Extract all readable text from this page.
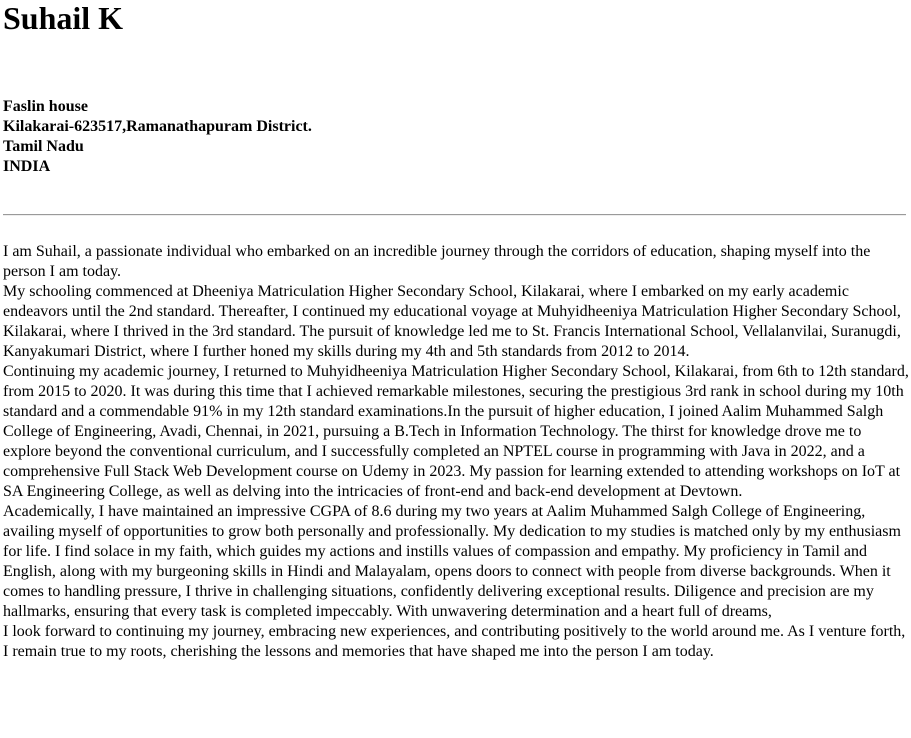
Suhail K
Faslin house
Kilakarai-623517,Ramanathapuram District.
Tamil Nadu
INDIA

I am Suhail, a passionate individual who embarked on an incredible journey through the corridors of education, shaping myself into the person I am today.

My schooling commenced at Dheeniya Matriculation Higher Secondary School, Kilakarai, where I embarked on my early academic endeavors until the 2nd standard. Thereafter, I continued my educational voyage at Muhyidheeniya Matriculation Higher Secondary School, Kilakarai, where I thrived in the 3rd standard. The pursuit of knowledge led me to St. Francis International School, Vellalanvilai, Suranugdi, Kanyakumari District, where I further honed my skills during my 4th and 5th standards from 2012 to 2014.

Continuing my academic journey, I returned to Muhyidheeniya Matriculation Higher Secondary School, Kilakarai, from 6th to 12th standard, from 2015 to 2020. It was during this time that I achieved remarkable milestones, securing the prestigious 3rd rank in school during my 10th standard and a commendable 91% in my 12th standard examinations.In the pursuit of higher education, I joined Aalim Muhammed Salgh College of Engineering, Avadi, Chennai, in 2021, pursuing a B.Tech in Information Technology. The thirst for knowledge drove me to explore beyond the conventional curriculum, and I successfully completed an NPTEL course in programming with Java in 2022, and a comprehensive Full Stack Web Development course on Udemy in 2023. My passion for learning extended to attending workshops on IoT at SA Engineering College, as well as delving into the intricacies of front-end and back-end development at Devtown.

Academically, I have maintained an impressive CGPA of 8.6 during my two years at Aalim Muhammed Salgh College of Engineering, availing myself of opportunities to grow both personally and professionally. My dedication to my studies is matched only by my enthusiasm for life. I find solace in my faith, which guides my actions and instills values of compassion and empathy. My proficiency in Tamil and English, along with my burgeoning skills in Hindi and Malayalam, opens doors to connect with people from diverse backgrounds. When it comes to handling pressure, I thrive in challenging situations, confidently delivering exceptional results. Diligence and precision are my hallmarks, ensuring that every task is completed impeccably. With unwavering determination and a heart full of dreams,

I look forward to continuing my journey, embracing new experiences, and contributing positively to the world around me. As I venture forth, I remain true to my roots, cherishing the lessons and memories that have shaped me into the person I am today.
